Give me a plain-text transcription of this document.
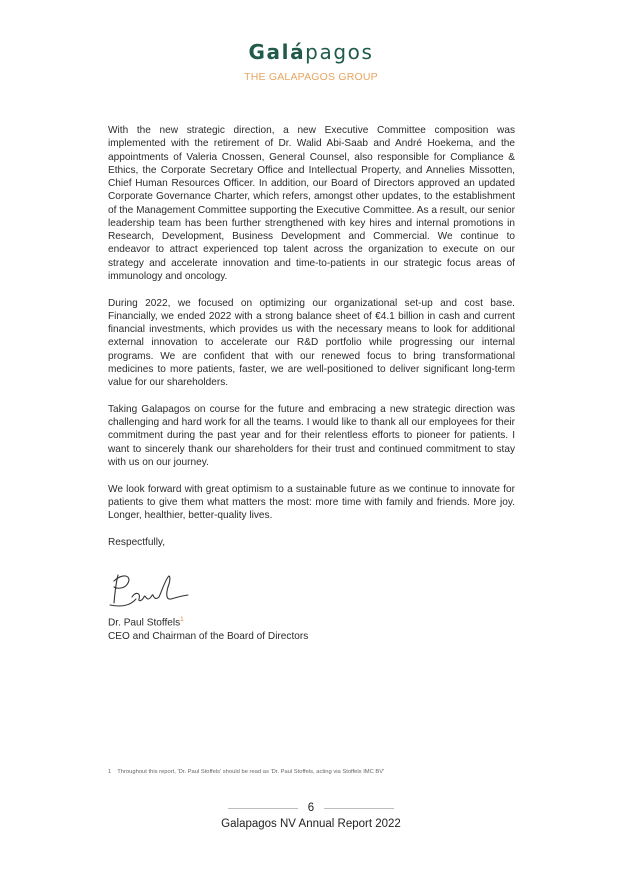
Galápagos
THE GALAPAGOS GROUP

With the new strategic direction, a new Executive Committee composition was implemented with the retirement of Dr. Walid Abi-Saab and André Hoekema, and the appointments of Valeria Cnossen, General Counsel, also responsible for Compliance & Ethics, the Corporate Secretary Office and Intellectual Property, and Annelies Missotten, Chief Human Resources Officer. In addition, our Board of Directors approved an updated Corporate Governance Charter, which refers, amongst other updates, to the establishment of the Management Committee supporting the Executive Committee. As a result, our senior leadership team has been further strengthened with key hires and internal promotions in Research, Development, Business Development and Commercial. We continue to endeavor to attract experienced top talent across the organization to execute on our strategy and accelerate innovation and time-to-patients in our strategic focus areas of immunology and oncology.

During 2022, we focused on optimizing our organizational set-up and cost base. Financially, we ended 2022 with a strong balance sheet of €4.1 billion in cash and current financial investments, which provides us with the necessary means to look for additional external innovation to accelerate our R&D portfolio while progressing our internal programs. We are confident that with our renewed focus to bring transformational medicines to more patients, faster, we are well-positioned to deliver significant long-term value for our shareholders.

Taking Galapagos on course for the future and embracing a new strategic direction was challenging and hard work for all the teams. I would like to thank all our employees for their commitment during the past year and for their relentless efforts to pioneer for patients. I want to sincerely thank our shareholders for their trust and continued commitment to stay with us on our journey.

We look forward with great optimism to a sustainable future as we continue to innovate for patients to give them what matters the most: more time with family and friends. More joy. Longer, healthier, better-quality lives.

Respectfully,

Dr. Paul Stoffels$^1$
CEO and Chairman of the Board of Directors
1 Throughout this report, 'Dr. Paul Stoffels' should be read as 'Dr. Paul Stoffels, acting via Stoffels IMC BV'
6
Galapagos NV Annual Report 2022
